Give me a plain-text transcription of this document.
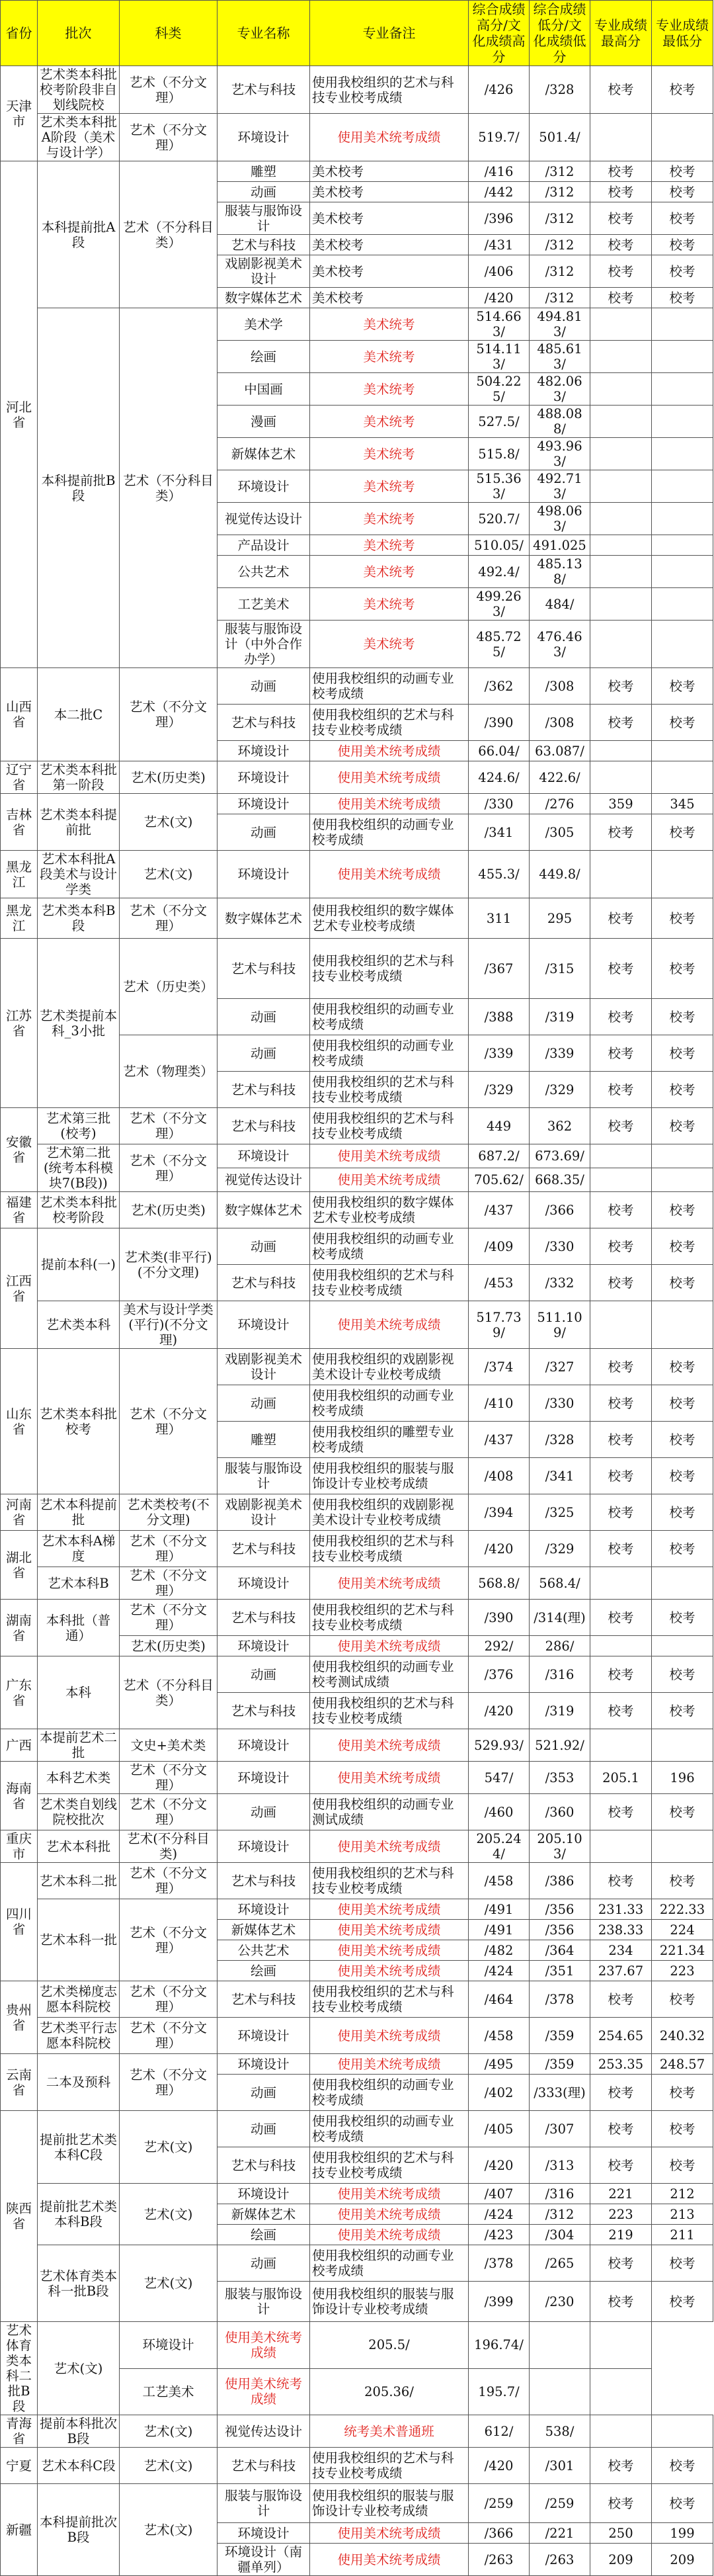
省份	批次	科类	专业名称	专业备注	综合成绩高分/文化成绩高分	综合成绩低分/文化成绩低分	专业成绩最高分	专业成绩最低分
天津市	艺术类本科批校考阶段非自划线院校	艺术（不分文理）	艺术与科技	使用我校组织的艺术与科技专业校考成绩	/426	/328	校考	校考
	艺术类本科批A阶段（美术与设计学）	艺术（不分文理）	环境设计	使用美术统考成绩	519.7/	501.4/		
河北省	本科提前批A段	艺术（不分科目类）	雕塑	美术校考	/416	/312	校考	校考
			动画	美术校考	/442	/312	校考	校考
			服装与服饰设计	美术校考	/396	/312	校考	校考
			艺术与科技	美术校考	/431	/312	校考	校考
			戏剧影视美术设计	美术校考	/406	/312	校考	校考
			数字媒体艺术	美术校考	/420	/312	校考	校考
	本科提前批B段	艺术（不分科目类）	美术学	美术统考	514.663/	494.813/		
			绘画	美术统考	514.113/	485.613/		
			中国画	美术统考	504.225/	482.063/		
			漫画	美术统考	527.5/	488.088/		
			新媒体艺术	美术统考	515.8/	493.963/		
			环境设计	美术统考	515.363/	492.713/		
			视觉传达设计	美术统考	520.7/	498.063/		
			产品设计	美术统考	510.05/	491.025		
			公共艺术	美术统考	492.4/	485.138/		
			工艺美术	美术统考	499.263/	484/		
			服装与服饰设计（中外合作办学）	美术统考	485.725/	476.463/		
山西省	本二批C	艺术（不分文理）	动画	使用我校组织的动画专业校考成绩	/362	/308	校考	校考
			艺术与科技	使用我校组织的艺术与科技专业校考成绩	/390	/308	校考	校考
			环境设计	使用美术统考成绩	66.04/	63.087/		
辽宁省	艺术类本科批第一阶段	艺术(历史类)	环境设计	使用美术统考成绩	424.6/	422.6/		
吉林省	艺术类本科提前批	艺术(文)	环境设计	使用美术统考成绩	/330	/276	359	345
			动画	使用我校组织的动画专业校考成绩	/341	/305	校考	校考
黑龙江	艺术本科批A段美术与设计学类	艺术(文)	环境设计	使用美术统考成绩	455.3/	449.8/		
黑龙江	艺术类本科B段	艺术（不分文理）	数字媒体艺术	使用我校组织的数字媒体艺术专业校考成绩	311	295	校考	校考
江苏省	艺术类提前本科_3小批	艺术（历史类）	艺术与科技	使用我校组织的艺术与科技专业校考成绩	/367	/315	校考	校考
			动画	使用我校组织的动画专业校考成绩	/388	/319	校考	校考
		艺术（物理类）	动画	使用我校组织的动画专业校考成绩	/339	/339	校考	校考
			艺术与科技	使用我校组织的艺术与科技专业校考成绩	/329	/329	校考	校考
安徽省	艺术第三批(校考)	艺术（不分文理）	艺术与科技	使用我校组织的艺术与科技专业校考成绩	449	362	校考	校考
	艺术第二批(统考本科模块7(B段))	艺术（不分文理）	环境设计	使用美术统考成绩	687.2/	673.69/		
			视觉传达设计	使用美术统考成绩	705.62/	668.35/		
福建省	艺术类本科批校考阶段	艺术(历史类)	数字媒体艺术	使用我校组织的数字媒体艺术专业校考成绩	/437	/366	校考	校考
江西省	提前本科(一)	艺术类(非平行)(不分文理)	动画	使用我校组织的动画专业校考成绩	/409	/330	校考	校考
			艺术与科技	使用我校组织的艺术与科技专业校考成绩	/453	/332	校考	校考
	艺术类本科	美术与设计学类(平行)(不分文理)	环境设计	使用美术统考成绩	517.739/	511.109/		
山东省	艺术类本科批校考	艺术（不分文理）	戏剧影视美术设计	使用我校组织的戏剧影视美术设计专业校考成绩	/374	/327	校考	校考
			动画	使用我校组织的动画专业校考成绩	/410	/330	校考	校考
			雕塑	使用我校组织的雕塑专业校考成绩	/437	/328	校考	校考
			服装与服饰设计	使用我校组织的服装与服饰设计专业校考成绩	/408	/341	校考	校考
河南省	艺术本科提前批	艺术类校考(不分文理)	戏剧影视美术设计	使用我校组织的戏剧影视美术设计专业校考成绩	/394	/325	校考	校考
湖北省	艺术本科A梯度	艺术（不分文理）	艺术与科技	使用我校组织的艺术与科技专业校考成绩	/420	/329	校考	校考
	艺术本科B	艺术（不分文理）	环境设计	使用美术统考成绩	568.8/	568.4/		
湖南省	本科批（普通）	艺术（不分文理）	艺术与科技	使用我校组织的艺术与科技专业校考成绩	/390	/314(理)	校考	校考
		艺术(历史类)	环境设计	使用美术统考成绩	292/	286/		
广东省	本科	艺术（不分科目类）	动画	使用我校组织的动画专业校考测试成绩	/376	/316	校考	校考
			艺术与科技	使用我校组织的艺术与科技专业校考成绩	/420	/319	校考	校考
广西	本提前艺术二批	文史+美术类	环境设计	使用美术统考成绩	529.93/	521.92/		
海南省	本科艺术类	艺术（不分文理）	环境设计	使用美术统考成绩	547/	/353	205.1	196
	艺术类自划线院校批次	艺术（不分文理）	动画	使用我校组织的动画专业测试成绩	/460	/360	校考	校考
重庆市	艺术本科批	艺术(不分科目类)	环境设计	使用美术统考成绩	205.244/	205.103/		
四川省	艺术本科二批	艺术（不分文理）	艺术与科技	使用我校组织的艺术与科技专业校考成绩	/458	/386	校考	校考
	艺术本科一批	艺术（不分文理）	环境设计	使用美术统考成绩	/491	/356	231.33	222.33
			新媒体艺术	使用美术统考成绩	/491	/356	238.33	224
			公共艺术	使用美术统考成绩	/482	/364	234	221.34
			绘画	使用美术统考成绩	/424	/351	237.67	223
贵州省	艺术类梯度志愿本科院校	艺术（不分文理）	艺术与科技	使用我校组织的艺术与科技专业校考成绩	/464	/378	校考	校考
	艺术类平行志愿本科院校	艺术（不分文理）	环境设计	使用美术统考成绩	/458	/359	254.65	240.32
云南省	二本及预科	艺术（不分文理）	环境设计	使用美术统考成绩	/495	/359	253.35	248.57
			动画	使用我校组织的动画专业校考成绩	/402	/333(理)	校考	校考
陕西省	提前批艺术类本科C段	艺术(文)	动画	使用我校组织的动画专业校考成绩	/405	/307	校考	校考
			艺术与科技	使用我校组织的艺术与科技专业校考成绩	/420	/313	校考	校考
	提前批艺术类本科B段	艺术(文)	环境设计	使用美术统考成绩	/407	/316	221	212
			新媒体艺术	使用美术统考成绩	/424	/312	223	213
			绘画	使用美术统考成绩	/423	/304	219	211
	艺术体育类本科一批B段	艺术(文)	动画	使用我校组织的动画专业校考成绩	/378	/265	校考	校考
			服装与服饰设计	使用我校组织的服装与服饰设计专业校考成绩	/399	/230	校考	校考
艺术体育类本科二批B段	艺术(文)	环境设计	使用美术统考成绩	205.5/	196.74/			
		工艺美术	使用美术统考成绩	205.36/	195.7/			
青海省	提前本科批次B段	艺术(文)	视觉传达设计	统考美术普通班	612/	538/		
宁夏	艺术本科C段	艺术(文)	艺术与科技	使用我校组织的艺术与科技专业校考成绩	/420	/301	校考	校考
新疆	本科提前批次B段	艺术(文)	服装与服饰设计	使用我校组织的服装与服饰设计专业校考成绩	/259	/259	校考	校考
			环境设计	使用美术统考成绩	/366	/221	250	199
			环境设计（南疆单列）	使用美术统考成绩	/263	/263	209	209
